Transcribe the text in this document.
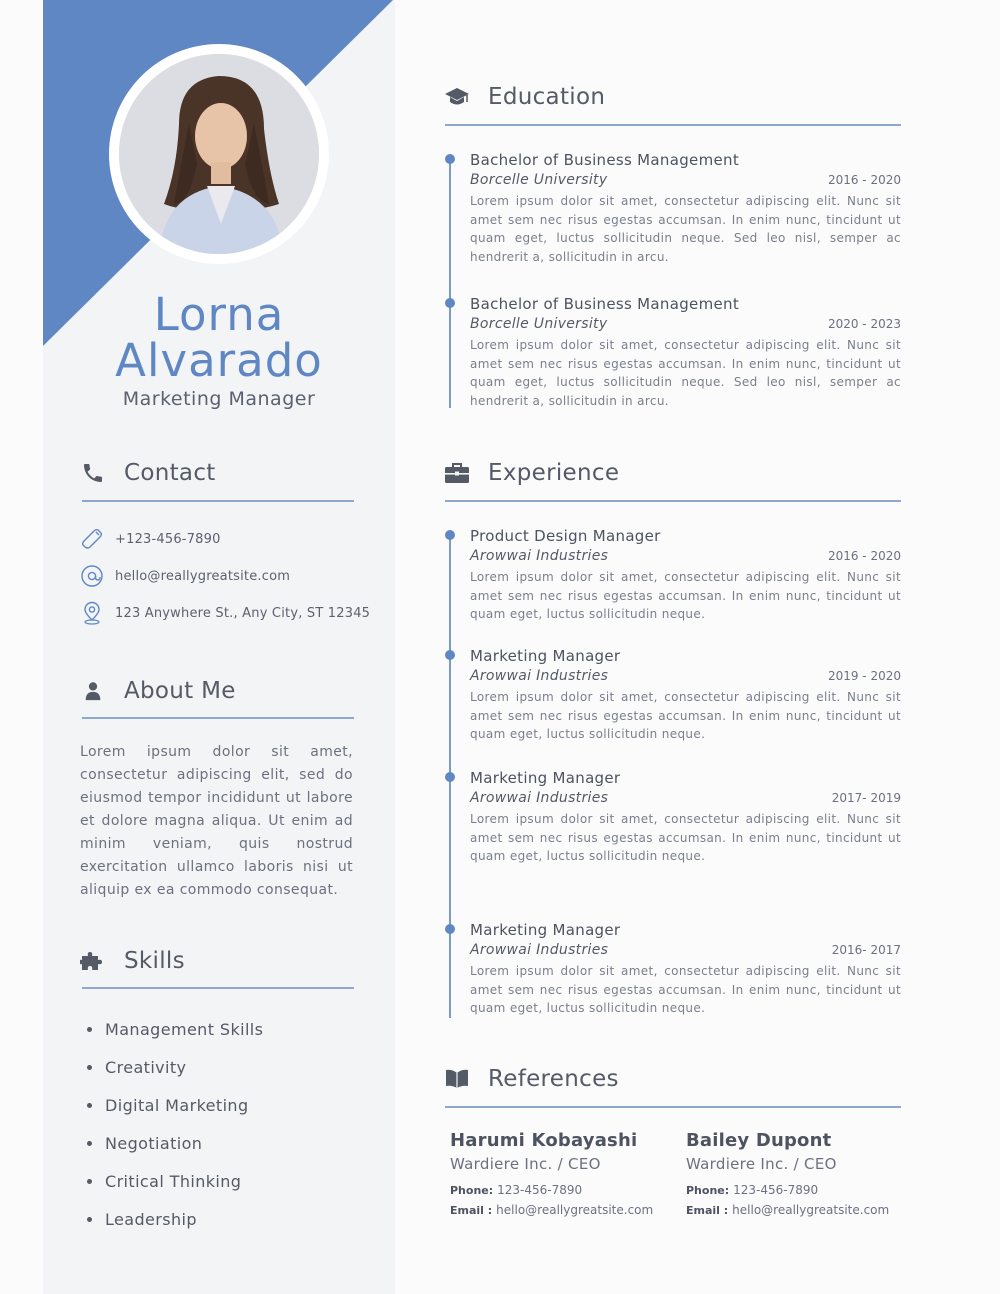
Lorna
Alvarado
Marketing Manager
Contact
+123-456-7890
hello@reallygreatsite.com
123 Anywhere St., Any City, ST 12345
About Me

Lorem ipsum dolor sit amet, consectetur adipiscing elit, sed do eiusmod tempor incididunt ut labore et dolore magna aliqua. Ut enim ad minim veniam, quis nostrud exercitation ullamco laboris nisi ut aliquip ex ea commodo consequat.

Skills
Management Skills
Creativity
Digital Marketing
Negotiation
Critical Thinking
Leadership
Education
Bachelor of Business Management
Borcelle University	2016 - 2020

Lorem ipsum dolor sit amet, consectetur adipiscing elit. Nunc sit amet sem nec risus egestas accumsan. In enim nunc, tincidunt ut quam eget, luctus sollicitudin neque. Sed leo nisl, semper ac hendrerit a, sollicitudin in arcu.

Bachelor of Business Management
Borcelle University	2020 - 2023

Lorem ipsum dolor sit amet, consectetur adipiscing elit. Nunc sit amet sem nec risus egestas accumsan. In enim nunc, tincidunt ut quam eget, luctus sollicitudin neque. Sed leo nisl, semper ac hendrerit a, sollicitudin in arcu.

Experience
Product Design Manager
Arowwai Industries	2016 - 2020

Lorem ipsum dolor sit amet, consectetur adipiscing elit. Nunc sit amet sem nec risus egestas accumsan. In enim nunc, tincidunt ut quam eget, luctus sollicitudin neque.

Marketing Manager
Arowwai Industries	2019 - 2020

Lorem ipsum dolor sit amet, consectetur adipiscing elit. Nunc sit amet sem nec risus egestas accumsan. In enim nunc, tincidunt ut quam eget, luctus sollicitudin neque.

Marketing Manager
Arowwai Industries	2017- 2019

Lorem ipsum dolor sit amet, consectetur adipiscing elit. Nunc sit amet sem nec risus egestas accumsan. In enim nunc, tincidunt ut quam eget, luctus sollicitudin neque.

Marketing Manager
Arowwai Industries	2016- 2017

Lorem ipsum dolor sit amet, consectetur adipiscing elit. Nunc sit amet sem nec risus egestas accumsan. In enim nunc, tincidunt ut quam eget, luctus sollicitudin neque.

References
Harumi Kobayashi
Wardiere Inc. / CEO
Phone: 123-456-7890
Email : hello@reallygreatsite.com
Bailey Dupont
Wardiere Inc. / CEO
Phone: 123-456-7890
Email : hello@reallygreatsite.com
